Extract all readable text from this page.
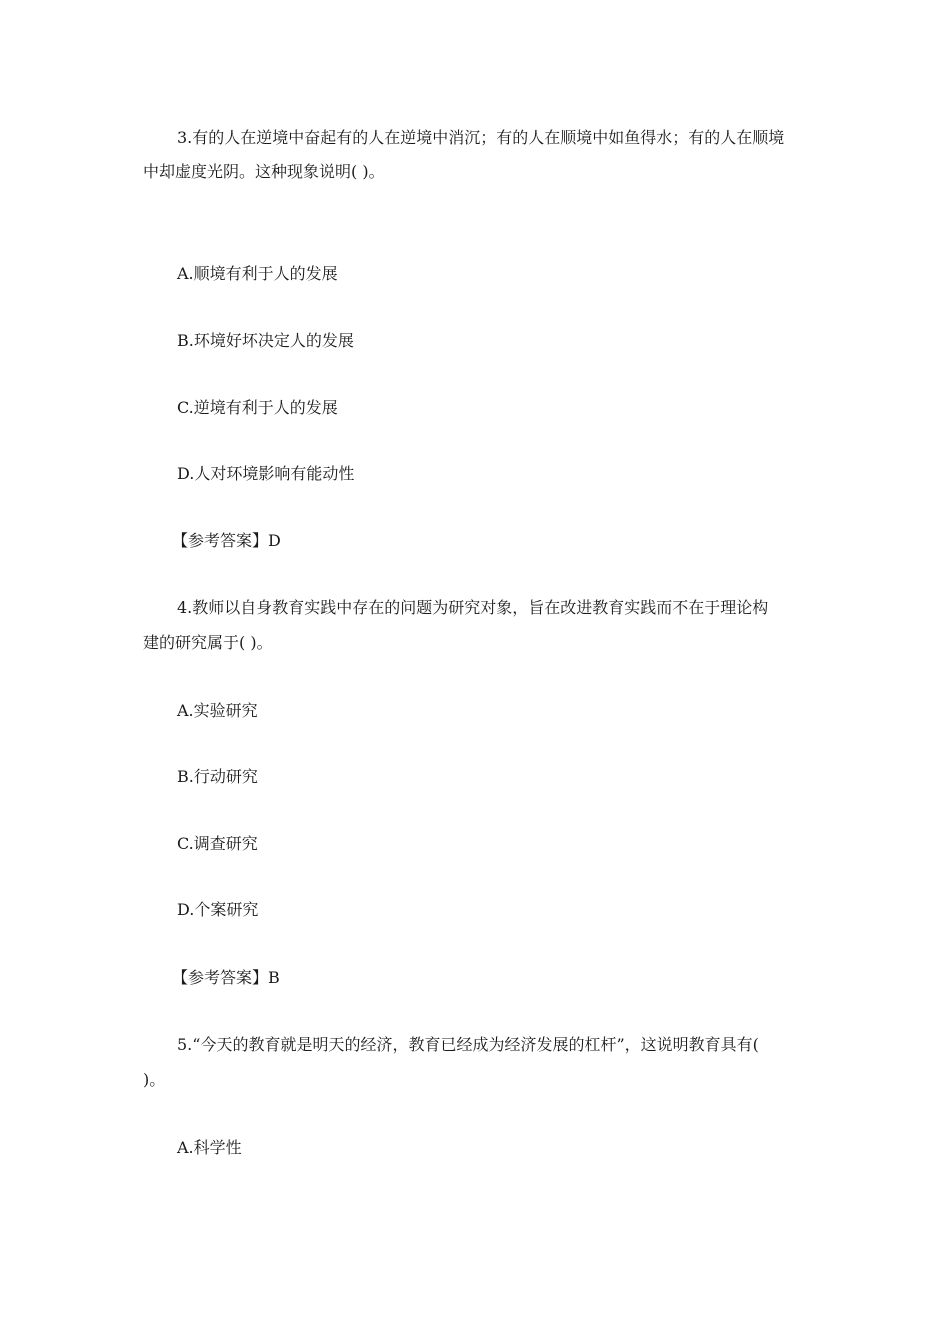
3.有的人在逆境中奋起有的人在逆境中消沉；有的人在顺境中如鱼得水；有的人在顺境
中却虚度光阴。这种现象说明( )。
A.顺境有利于人的发展
B.环境好坏决定人的发展
C.逆境有利于人的发展
D.人对环境影响有能动性
【参考答案】D
4.教师以自身教育实践中存在的问题为研究对象，旨在改进教育实践而不在于理论构
建的研究属于( )。
A.实验研究
B.行动研究
C.调查研究
D.个案研究
【参考答案】B
5.“今天的教育就是明天的经济，教育已经成为经济发展的杠杆”，这说明教育具有(
)。
A.科学性
